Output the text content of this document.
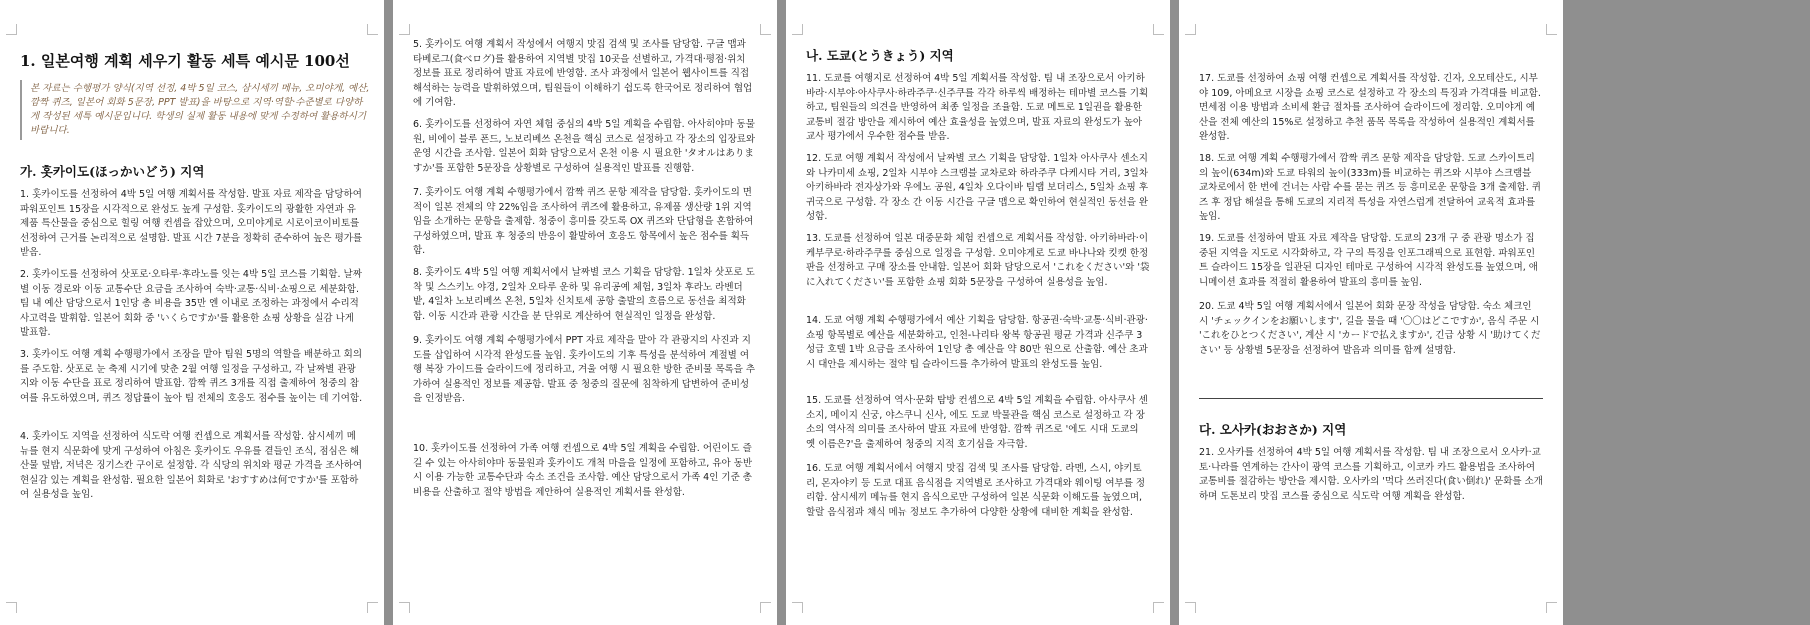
1. 일본여행 계획 세우기 활동 세특 예시문 100선
본 자료는 수행평가 양식(지역 선정, 4박 5일 코스, 삼시세끼 메뉴, 오미야게, 예산, 깜짝 퀴즈, 일본어 회화 5문장, PPT 발표)을 바탕으로 지역·역할·수준별로 다양하게 작성된 세특 예시문입니다. 학생의 실제 활동 내용에 맞게 수정하여 활용하시기 바랍니다.
가. 홋카이도(ほっかいどう) 지역

1. 홋카이도를 선정하여 4박 5일 여행 계획서를 작성함. 발표 자료 제작을 담당하여 파워포인트 15장을 시각적으로 완성도 높게 구성함. 홋카이도의 광활한 자연과 유제품 특산물을 중심으로 힐링 여행 컨셉을 잡았으며, 오미야게로 시로이코이비토를 선정하여 근거를 논리적으로 설명함. 발표 시간 7분을 정확히 준수하여 높은 평가를 받음.

2. 홋카이도를 선정하여 삿포로·오타루·후라노를 잇는 4박 5일 코스를 기획함. 날짜별 이동 경로와 이동 교통수단 요금을 조사하여 숙박·교통·식비·쇼핑으로 세분화함. 팀 내 예산 담당으로서 1인당 총 비용을 35만 엔 이내로 조정하는 과정에서 수리적 사고력을 발휘함. 일본어 회화 중 'いくらですか'를 활용한 쇼핑 상황을 실감 나게 발표함.

3. 홋카이도 여행 계획 수행평가에서 조장을 맡아 팀원 5명의 역할을 배분하고 회의를 주도함. 삿포로 눈 축제 시기에 맞춘 2월 여행 일정을 구성하고, 각 날짜별 관광지와 이동 수단을 표로 정리하여 발표함. 깜짝 퀴즈 3개를 직접 출제하여 청중의 참여를 유도하였으며, 퀴즈 정답률이 높아 팀 전체의 호응도 점수를 높이는 데 기여함.

4. 홋카이도 지역을 선정하여 식도락 여행 컨셉으로 계획서를 작성함. 삼시세끼 메뉴를 현지 식문화에 맞게 구성하여 아침은 홋카이도 우유를 곁들인 조식, 점심은 해산물 덮밥, 저녁은 징기스칸 구이로 설정함. 각 식당의 위치와 평균 가격을 조사하여 현실감 있는 계획을 완성함. 필요한 일본어 회화로 'おすすめは何ですか'를 포함하여 실용성을 높임.

5. 홋카이도 여행 계획서 작성에서 여행지 맛집 검색 및 조사를 담당함. 구글 맵과 타베로그(食べログ)를 활용하여 지역별 맛집 10곳을 선별하고, 가격대·평점·위치 정보를 표로 정리하여 발표 자료에 반영함. 조사 과정에서 일본어 웹사이트를 직접 해석하는 능력을 발휘하였으며, 팀원들이 이해하기 쉽도록 한국어로 정리하여 협업에 기여함.

6. 홋카이도를 선정하여 자연 체험 중심의 4박 5일 계획을 수립함. 아사히야마 동물원, 비에이 블루 폰드, 노보리베쓰 온천을 핵심 코스로 설정하고 각 장소의 입장료와 운영 시간을 조사함. 일본어 회화 담당으로서 온천 이용 시 필요한 'タオルはありますか'를 포함한 5문장을 상황별로 구성하여 실용적인 발표를 진행함.

7. 홋카이도 여행 계획 수행평가에서 깜짝 퀴즈 문항 제작을 담당함. 홋카이도의 면적이 일본 전체의 약 22%임을 조사하여 퀴즈에 활용하고, 유제품 생산량 1위 지역임을 소개하는 문항을 출제함. 청중이 흥미를 갖도록 OX 퀴즈와 단답형을 혼합하여 구성하였으며, 발표 후 청중의 반응이 활발하여 호응도 항목에서 높은 점수를 획득함.

8. 홋카이도 4박 5일 여행 계획서에서 날짜별 코스 기획을 담당함. 1일차 삿포로 도착 및 스스키노 야경, 2일차 오타루 운하 및 유리공예 체험, 3일차 후라노 라벤더 밭, 4일차 노보리베쓰 온천, 5일차 신치토세 공항 출발의 흐름으로 동선을 최적화함. 이동 시간과 관광 시간을 분 단위로 계산하여 현실적인 일정을 완성함.

9. 홋카이도 여행 계획 수행평가에서 PPT 자료 제작을 맡아 각 관광지의 사진과 지도를 삽입하여 시각적 완성도를 높임. 홋카이도의 기후 특성을 분석하여 계절별 여행 복장 가이드를 슬라이드에 정리하고, 겨울 여행 시 필요한 방한 준비물 목록을 추가하여 실용적인 정보를 제공함. 발표 중 청중의 질문에 침착하게 답변하여 준비성을 인정받음.

10. 홋카이도를 선정하여 가족 여행 컨셉으로 4박 5일 계획을 수립함. 어린이도 즐길 수 있는 아사히야마 동물원과 홋카이도 개척 마을을 일정에 포함하고, 유아 동반 시 이용 가능한 교통수단과 숙소 조건을 조사함. 예산 담당으로서 가족 4인 기준 총 비용을 산출하고 절약 방법을 제안하여 실용적인 계획서를 완성함.

나. 도쿄(とうきょう) 지역

11. 도쿄를 여행지로 선정하여 4박 5일 계획서를 작성함. 팀 내 조장으로서 아키하바라·시부야·아사쿠사·하라주쿠·신주쿠를 각각 하루씩 배정하는 테마별 코스를 기획하고, 팀원들의 의견을 반영하여 최종 일정을 조율함. 도쿄 메트로 1일권을 활용한 교통비 절감 방안을 제시하여 예산 효율성을 높였으며, 발표 자료의 완성도가 높아 교사 평가에서 우수한 점수를 받음.

12. 도쿄 여행 계획서 작성에서 날짜별 코스 기획을 담당함. 1일차 아사쿠사 센소지와 나카미세 쇼핑, 2일차 시부야 스크램블 교차로와 하라주쿠 다케시타 거리, 3일차 아키하바라 전자상가와 우에노 공원, 4일차 오다이바 팀랩 보더리스, 5일차 쇼핑 후 귀국으로 구성함. 각 장소 간 이동 시간을 구글 맵으로 확인하여 현실적인 동선을 완성함.

13. 도쿄를 선정하여 일본 대중문화 체험 컨셉으로 계획서를 작성함. 아키하바라·이케부쿠로·하라주쿠를 중심으로 일정을 구성함. 오미야게로 도쿄 바나나와 킷캣 한정판을 선정하고 구매 장소를 안내함. 일본어 회화 담당으로서 'これをください'와 '袋に入れてください'를 포함한 쇼핑 회화 5문장을 구성하여 실용성을 높임.

14. 도쿄 여행 계획 수행평가에서 예산 기획을 담당함. 항공권·숙박·교통·식비·관광·쇼핑 항목별로 예산을 세분화하고, 인천-나리타 왕복 항공권 평균 가격과 신주쿠 3성급 호텔 1박 요금을 조사하여 1인당 총 예산을 약 80만 원으로 산출함. 예산 초과 시 대안을 제시하는 절약 팁 슬라이드를 추가하여 발표의 완성도를 높임.

15. 도쿄를 선정하여 역사·문화 탐방 컨셉으로 4박 5일 계획을 수립함. 아사쿠사 센소지, 메이지 신궁, 야스쿠니 신사, 에도 도쿄 박물관을 핵심 코스로 설정하고 각 장소의 역사적 의미를 조사하여 발표 자료에 반영함. 깜짝 퀴즈로 '에도 시대 도쿄의 옛 이름은?'을 출제하여 청중의 지적 호기심을 자극함.

16. 도쿄 여행 계획서에서 여행지 맛집 검색 및 조사를 담당함. 라멘, 스시, 야키토리, 몬자야키 등 도쿄 대표 음식점을 지역별로 조사하고 가격대와 웨이팅 여부를 정리함. 삼시세끼 메뉴를 현지 음식으로만 구성하여 일본 식문화 이해도를 높였으며, 할랄 음식점과 채식 메뉴 정보도 추가하여 다양한 상황에 대비한 계획을 완성함.

17. 도쿄를 선정하여 쇼핑 여행 컨셉으로 계획서를 작성함. 긴자, 오모테산도, 시부야 109, 아메요코 시장을 쇼핑 코스로 설정하고 각 장소의 특징과 가격대를 비교함. 면세점 이용 방법과 소비세 환급 절차를 조사하여 슬라이드에 정리함. 오미야게 예산을 전체 예산의 15%로 설정하고 추천 품목 목록을 작성하여 실용적인 계획서를 완성함.

18. 도쿄 여행 계획 수행평가에서 깜짝 퀴즈 문항 제작을 담당함. 도쿄 스카이트리의 높이(634m)와 도쿄 타워의 높이(333m)를 비교하는 퀴즈와 시부야 스크램블 교차로에서 한 번에 건너는 사람 수를 묻는 퀴즈 등 흥미로운 문항을 3개 출제함. 퀴즈 후 정답 해설을 통해 도쿄의 지리적 특성을 자연스럽게 전달하여 교육적 효과를 높임.

19. 도쿄를 선정하여 발표 자료 제작을 담당함. 도쿄의 23개 구 중 관광 명소가 집중된 지역을 지도로 시각화하고, 각 구의 특징을 인포그래픽으로 표현함. 파워포인트 슬라이드 15장을 일관된 디자인 테마로 구성하여 시각적 완성도를 높였으며, 애니메이션 효과를 적절히 활용하여 발표의 흥미를 높임.

20. 도쿄 4박 5일 여행 계획서에서 일본어 회화 문장 작성을 담당함. 숙소 체크인 시 'チェックインをお願いします', 길을 물을 때 '〇〇はどこですか', 음식 주문 시 'これをひとつください', 계산 시 'カードで払えますか', 긴급 상황 시 '助けてください' 등 상황별 5문장을 선정하여 발음과 의미를 함께 설명함.

다. 오사카(おおさか) 지역

21. 오사카를 선정하여 4박 5일 여행 계획서를 작성함. 팀 내 조장으로서 오사카·교토·나라를 연계하는 간사이 광역 코스를 기획하고, 이코카 카드 활용법을 조사하여 교통비를 절감하는 방안을 제시함. 오사카의 '먹다 쓰러진다(食い倒れ)' 문화를 소개하며 도톤보리 맛집 코스를 중심으로 식도락 여행 계획을 완성함.
